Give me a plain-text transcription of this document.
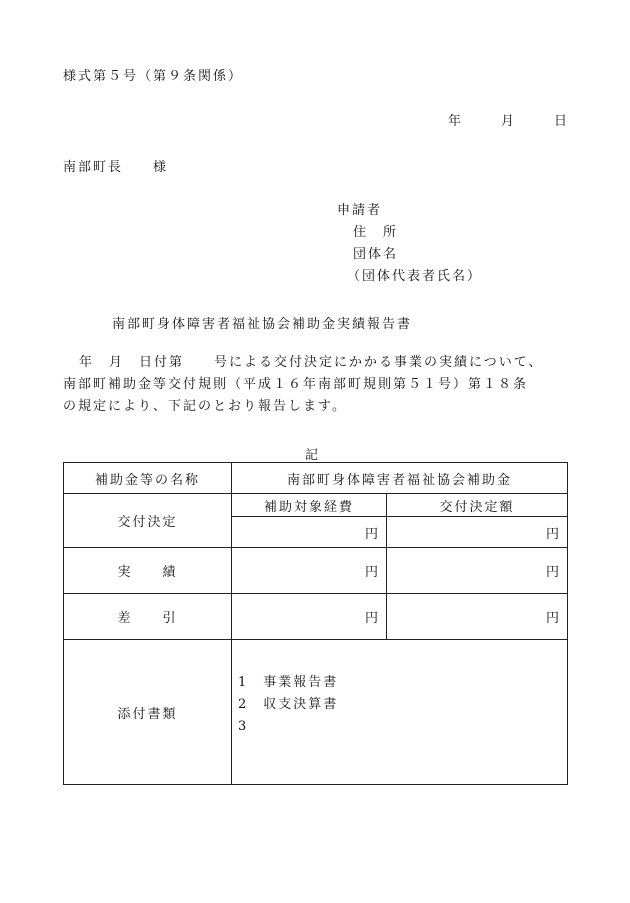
様式第５号（第９条関係）
年	月	日
南部町長　　様
申請者
住　所
団体名
（団体代表者氏名）
南部町身体障害者福祉協会補助金実績報告書
年　月　日付第　　号による交付決定にかかる事業の実績について、
南部町補助金等交付規則（平成１６年南部町規則第５１号）第１８条
の規定により、下記のとおり報告します。
記
補助金等の名称	南部町身体障害者福祉協会補助金	
交付決定	補助対象経費	交付決定額
	円	円
実　　績	円	円
差　　引	円	円
添付書類	1　事業報告書
2　収支決算書
3	
